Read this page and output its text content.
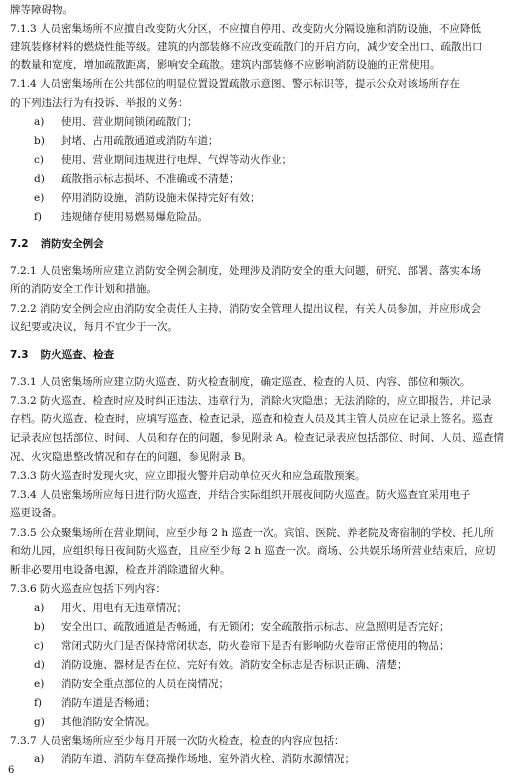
牌等障碍物。
7.1.3 人员密集场所不应擅自改变防火分区，不应擅自停用、改变防火分隔设施和消防设施，不应降低
建筑装修材料的燃烧性能等级。建筑的内部装修不应改变疏散门的开启方向，减少安全出口、疏散出口
的数量和宽度，增加疏散距离，影响安全疏散。建筑内部装修不应影响消防设施的正常使用。
7.1.4 人员密集场所在公共部位的明显位置设置疏散示意图、警示标识等，提示公众对该场所存在
的下列违法行为有投诉、举报的义务：
a) 使用、营业期间锁闭疏散门；
b) 封堵、占用疏散通道或消防车道；
c) 使用、营业期间违规进行电焊、气焊等动火作业；
d) 疏散指示标志损坏、不准确或不清楚；
e) 停用消防设施，消防设施未保持完好有效；
f) 违规储存使用易燃易爆危险品。
7.2 消防安全例会
7.2.1 人员密集场所应建立消防安全例会制度，处理涉及消防安全的重大问题，研究、部署、落实本场
所的消防安全工作计划和措施。
7.2.2 消防安全例会应由消防安全责任人主持，消防安全管理人提出议程，有关人员参加，并应形成会
议纪要或决议，每月不宜少于一次。
7.3 防火巡查、检查
7.3.1 人员密集场所应建立防火巡查、防火检查制度，确定巡查、检查的人员、内容、部位和频次。
7.3.2 防火巡查、检查时应及时纠正违法、违章行为，消除火灾隐患；无法消除的，应立即报告，并记录
存档。防火巡查、检查时，应填写巡查、检查记录，巡查和检查人员及其主管人员应在记录上签名。巡查
记录表应包括部位、时间、人员和存在的问题，参见附录 A。检查记录表应包括部位、时间、人员、巡查情
况、火灾隐患整改情况和存在的问题，参见附录 B。
7.3.3 防火巡查时发现火灾，应立即报火警并启动单位灭火和应急疏散预案。
7.3.4 人员密集场所应每日进行防火巡查，并结合实际组织开展夜间防火巡查。防火巡查宜采用电子
巡更设备。
7.3.5 公众聚集场所在营业期间，应至少每 2 h 巡查一次。宾馆、医院、养老院及寄宿制的学校、托儿所
和幼儿园，应组织每日夜间防火巡查，且应至少每 2 h 巡查一次。商场、公共娱乐场所营业结束后，应切
断非必要用电设备电源，检查并消除遗留火种。
7.3.6 防火巡查应包括下列内容：
a) 用火、用电有无违章情况；
b) 安全出口、疏散通道是否畅通，有无锁闭；安全疏散指示标志、应急照明是否完好；
c) 常闭式防火门是否保持常闭状态，防火卷帘下是否有影响防火卷帘正常使用的物品；
d) 消防设施、器材是否在位、完好有效。消防安全标志是否标识正确、清楚；
e) 消防安全重点部位的人员在岗情况；
f) 消防车道是否畅通；
g) 其他消防安全情况。
7.3.7 人员密集场所应至少每月开展一次防火检查，检查的内容应包括：
a) 消防车道、消防车登高操作场地、室外消火栓、消防水源情况；
6
